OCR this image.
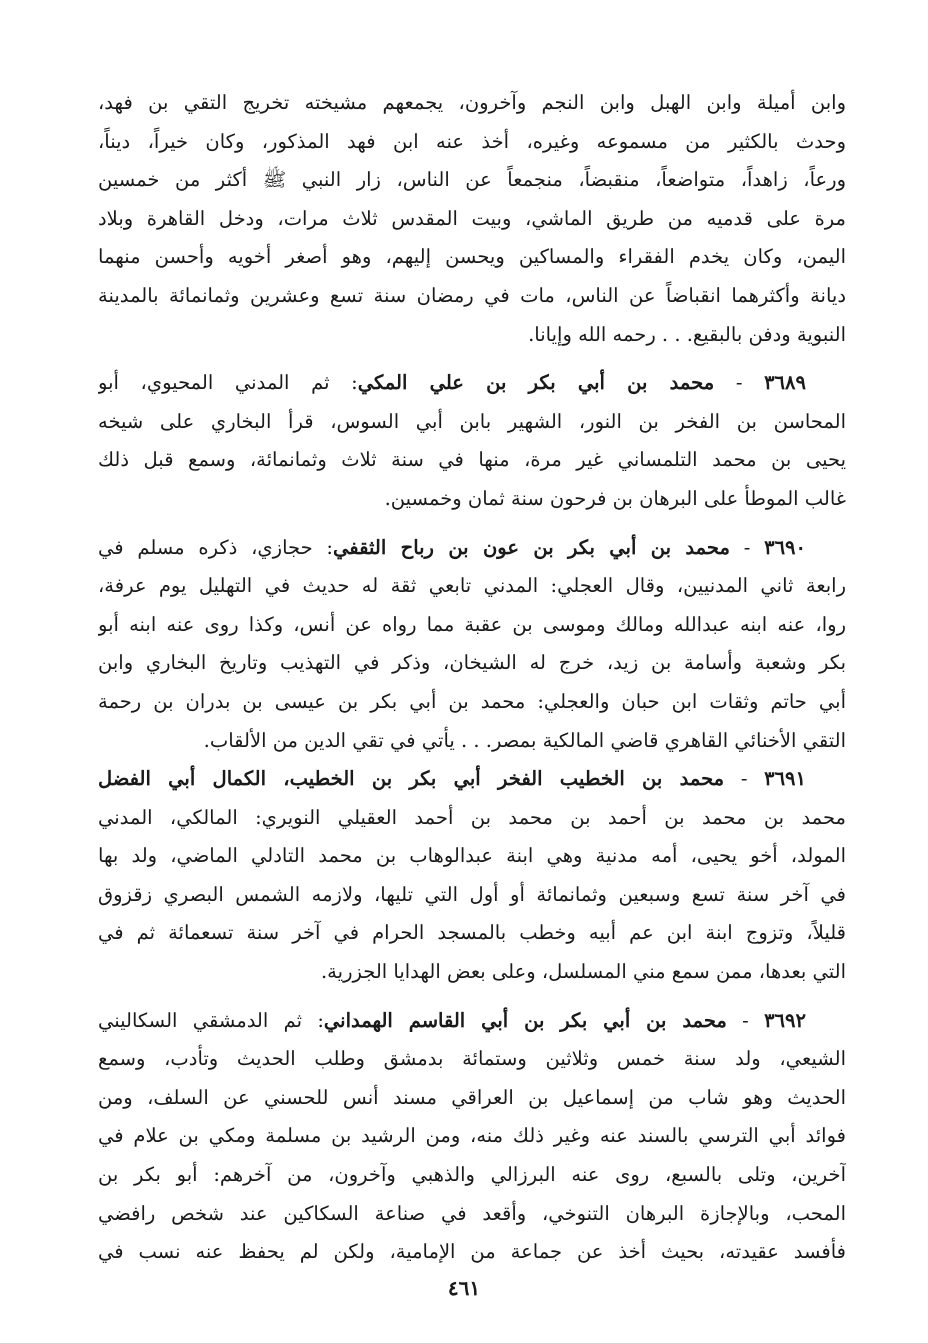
وابن أميلة وابن الهبل وابن النجم وآخرون، يجمعهم مشيخته تخريج التقي بن فهد،
وحدث بالكثير من مسموعه وغيره، أخذ عنه ابن فهد المذكور، وكان خيراً، ديناً،
ورعاً، زاهداً، متواضعاً، منقبضاً، منجمعاً عن الناس، زار النبي ﷺ أكثر من خمسين
مرة على قدميه من طريق الماشي، وبيت المقدس ثلاث مرات، ودخل القاهرة وبلاد
اليمن، وكان يخدم الفقراء والمساكين ويحسن إليهم، وهو أصغر أخويه وأحسن منهما
ديانة وأكثرهما انقباضاً عن الناس، مات في رمضان سنة تسع وعشرين وثمانمائة بالمدينة
النبوية ودفن بالبقيع. . . رحمه الله وإيانا.
٣٦٨٩ - محمد بن أبي بكر بن علي المكي: ثم المدني المحيوي، أبو
المحاسن بن الفخر بن النور، الشهير بابن أبي السوس، قرأ البخاري على شيخه
يحيى بن محمد التلمساني غير مرة، منها في سنة ثلاث وثمانمائة، وسمع قبل ذلك
غالب الموطأ على البرهان بن فرحون سنة ثمان وخمسين.
٣٦٩٠ - محمد بن أبي بكر بن عون بن رباح الثقفي: حجازي، ذكره مسلم في
رابعة ثاني المدنيين، وقال العجلي: المدني تابعي ثقة له حديث في التهليل يوم عرفة،
روا، عنه ابنه عبدالله ومالك وموسى بن عقبة مما رواه عن أنس، وكذا روى عنه ابنه أبو
بكر وشعبة وأسامة بن زيد، خرج له الشيخان، وذكر في التهذيب وتاريخ البخاري وابن
أبي حاتم وثقات ابن حبان والعجلي: محمد بن أبي بكر بن عيسى بن بدران بن رحمة
التقي الأخنائي القاهري قاضي المالكية بمصر. . . يأتي في تقي الدين من الألقاب.
٣٦٩١ - محمد بن الخطيب الفخر أبي بكر بن الخطيب، الكمال أبي الفضل
محمد بن محمد بن أحمد بن محمد بن أحمد العقيلي النويري: المالكي، المدني
المولد، أخو يحيى، أمه مدنية وهي ابنة عبدالوهاب بن محمد التادلي الماضي، ولد بها
في آخر سنة تسع وسبعين وثمانمائة أو أول التي تليها، ولازمه الشمس البصري زقزوق
قليلاً، وتزوج ابنة ابن عم أبيه وخطب بالمسجد الحرام في آخر سنة تسعمائة ثم في
التي بعدها، ممن سمع مني المسلسل، وعلى بعض الهدايا الجزرية.
٣٦٩٢ - محمد بن أبي بكر بن أبي القاسم الهمداني: ثم الدمشقي السكاليني
الشيعي، ولد سنة خمس وثلاثين وستمائة بدمشق وطلب الحديث وتأدب، وسمع
الحديث وهو شاب من إسماعيل بن العراقي مسند أنس للحسني عن السلف، ومن
فوائد أبي الترسي بالسند عنه وغير ذلك منه، ومن الرشيد بن مسلمة ومكي بن علام في
آخرين، وتلى بالسبع، روى عنه البرزالي والذهبي وآخرون، من آخرهم: أبو بكر بن
المحب، وبالإجازة البرهان التنوخي، وأقعد في صناعة السكاكين عند شخص رافضي
فأفسد عقيدته، بحيث أخذ عن جماعة من الإمامية، ولكن لم يحفظ عنه نسب في
٤٦١
